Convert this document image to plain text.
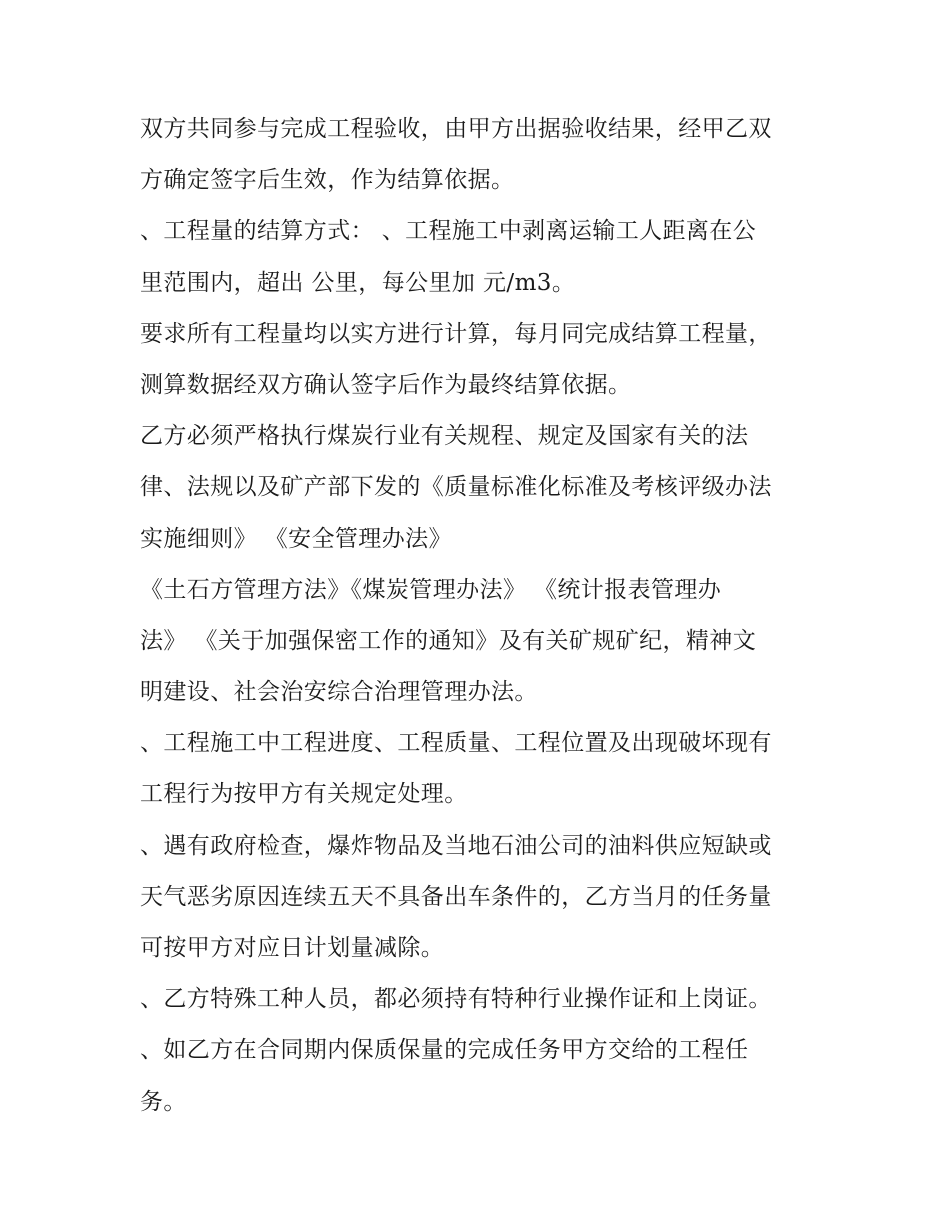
双方共同参与完成工程验收，由甲方出据验收结果，经甲乙双
方确定签字后生效，作为结算依据。
、工程量的结算方式： 、工程施工中剥离运输工人距离在公
里范围内，超出 公里，每公里加 元/m3。
要求所有工程量均以实方进行计算，每月同完成结算工程量，
测算数据经双方确认签字后作为最终结算依据。
乙方必须严格执行煤炭行业有关规程、规定及国家有关的法
律、法规以及矿产部下发的《质量标准化标准及考核评级办法
实施细则》 《安全管理办法》
《土石方管理方法》《煤炭管理办法》 《统计报表管理办
法》 《关于加强保密工作的通知》及有关矿规矿纪，精神文
明建设、社会治安综合治理管理办法。
、工程施工中工程进度、工程质量、工程位置及出现破坏现有
工程行为按甲方有关规定处理。
、遇有政府检查，爆炸物品及当地石油公司的油料供应短缺或
天气恶劣原因连续五天不具备出车条件的，乙方当月的任务量
可按甲方对应日计划量减除。
、乙方特殊工种人员，都必须持有特种行业操作证和上岗证。
、如乙方在合同期内保质保量的完成任务甲方交给的工程任
务。
